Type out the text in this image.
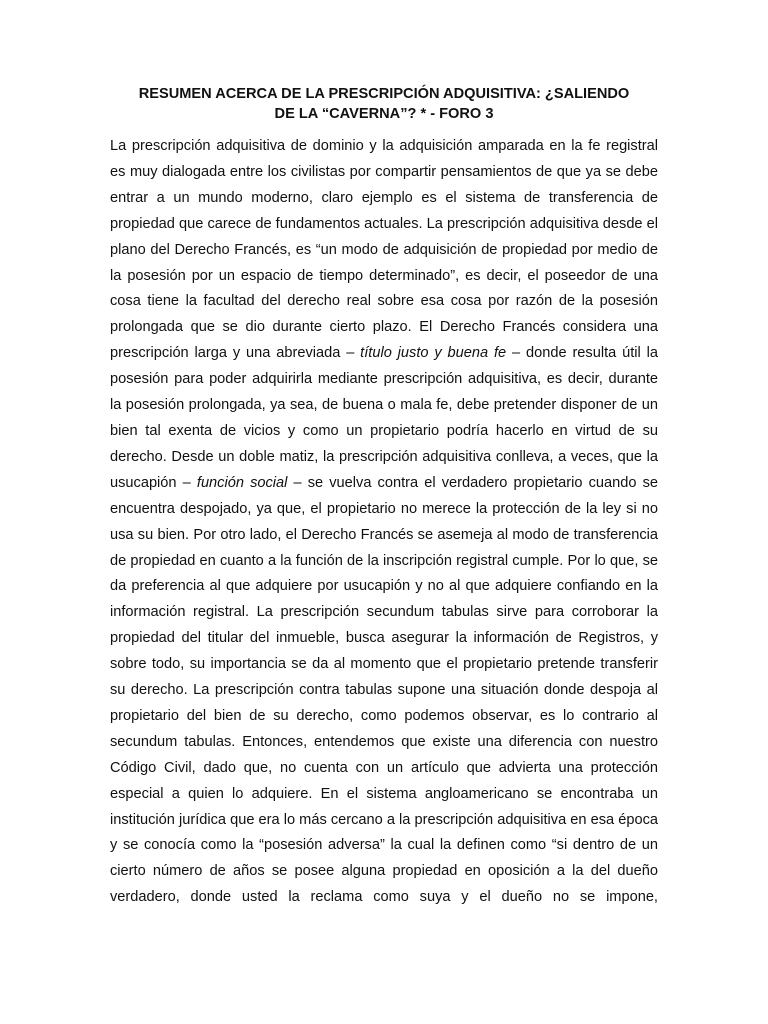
RESUMEN ACERCA DE LA PRESCRIPCIÓN ADQUISITIVA: ¿SALIENDO
DE LA “CAVERNA”? * - FORO 3

La prescripción adquisitiva de dominio y la adquisición amparada en la fe registral es muy dialogada entre los civilistas por compartir pensamientos de que ya se debe entrar a un mundo moderno, claro ejemplo es el sistema de transferencia de propiedad que carece de fundamentos actuales. La prescripción adquisitiva desde el plano del Derecho Francés, es “un modo de adquisición de propiedad por medio de la posesión por un espacio de tiempo determinado”, es decir, el poseedor de una cosa tiene la facultad del derecho real sobre esa cosa por razón de la posesión prolongada que se dio durante cierto plazo. El Derecho Francés considera una prescripción larga y una abreviada – título justo y buena fe – donde resulta útil la posesión para poder adquirirla mediante prescripción adquisitiva, es decir, durante la posesión prolongada, ya sea, de buena o mala fe, debe pretender disponer de un bien tal exenta de vicios y como un propietario podría hacerlo en virtud de su derecho. Desde un doble matiz, la prescripción adquisitiva conlleva, a veces, que la usucapión – función social – se vuelva contra el verdadero propietario cuando se encuentra despojado, ya que, el propietario no merece la protección de la ley si no usa su bien. Por otro lado, el Derecho Francés se asemeja al modo de transferencia de propiedad en cuanto a la función de la inscripción registral cumple. Por lo que, se da preferencia al que adquiere por usucapión y no al que adquiere confiando en la información registral. La prescripción secundum tabulas sirve para corroborar la propiedad del titular del inmueble, busca asegurar la información de Registros, y sobre todo, su importancia se da al momento que el propietario pretende transferir su derecho. La prescripción contra tabulas supone una situación donde despoja al propietario del bien de su derecho, como podemos observar, es lo contrario al secundum tabulas. Entonces, entendemos que existe una diferencia con nuestro Código Civil, dado que, no cuenta con un artículo que advierta una protección especial a quien lo adquiere. En el sistema angloamericano se encontraba un institución jurídica que era lo más cercano a la prescripción adquisitiva en esa época y se conocía como la “posesión adversa” la cual la definen como “si dentro de un cierto número de años se posee alguna propiedad en oposición a la del dueño verdadero, donde usted la reclama como suya y el dueño no se impone,
